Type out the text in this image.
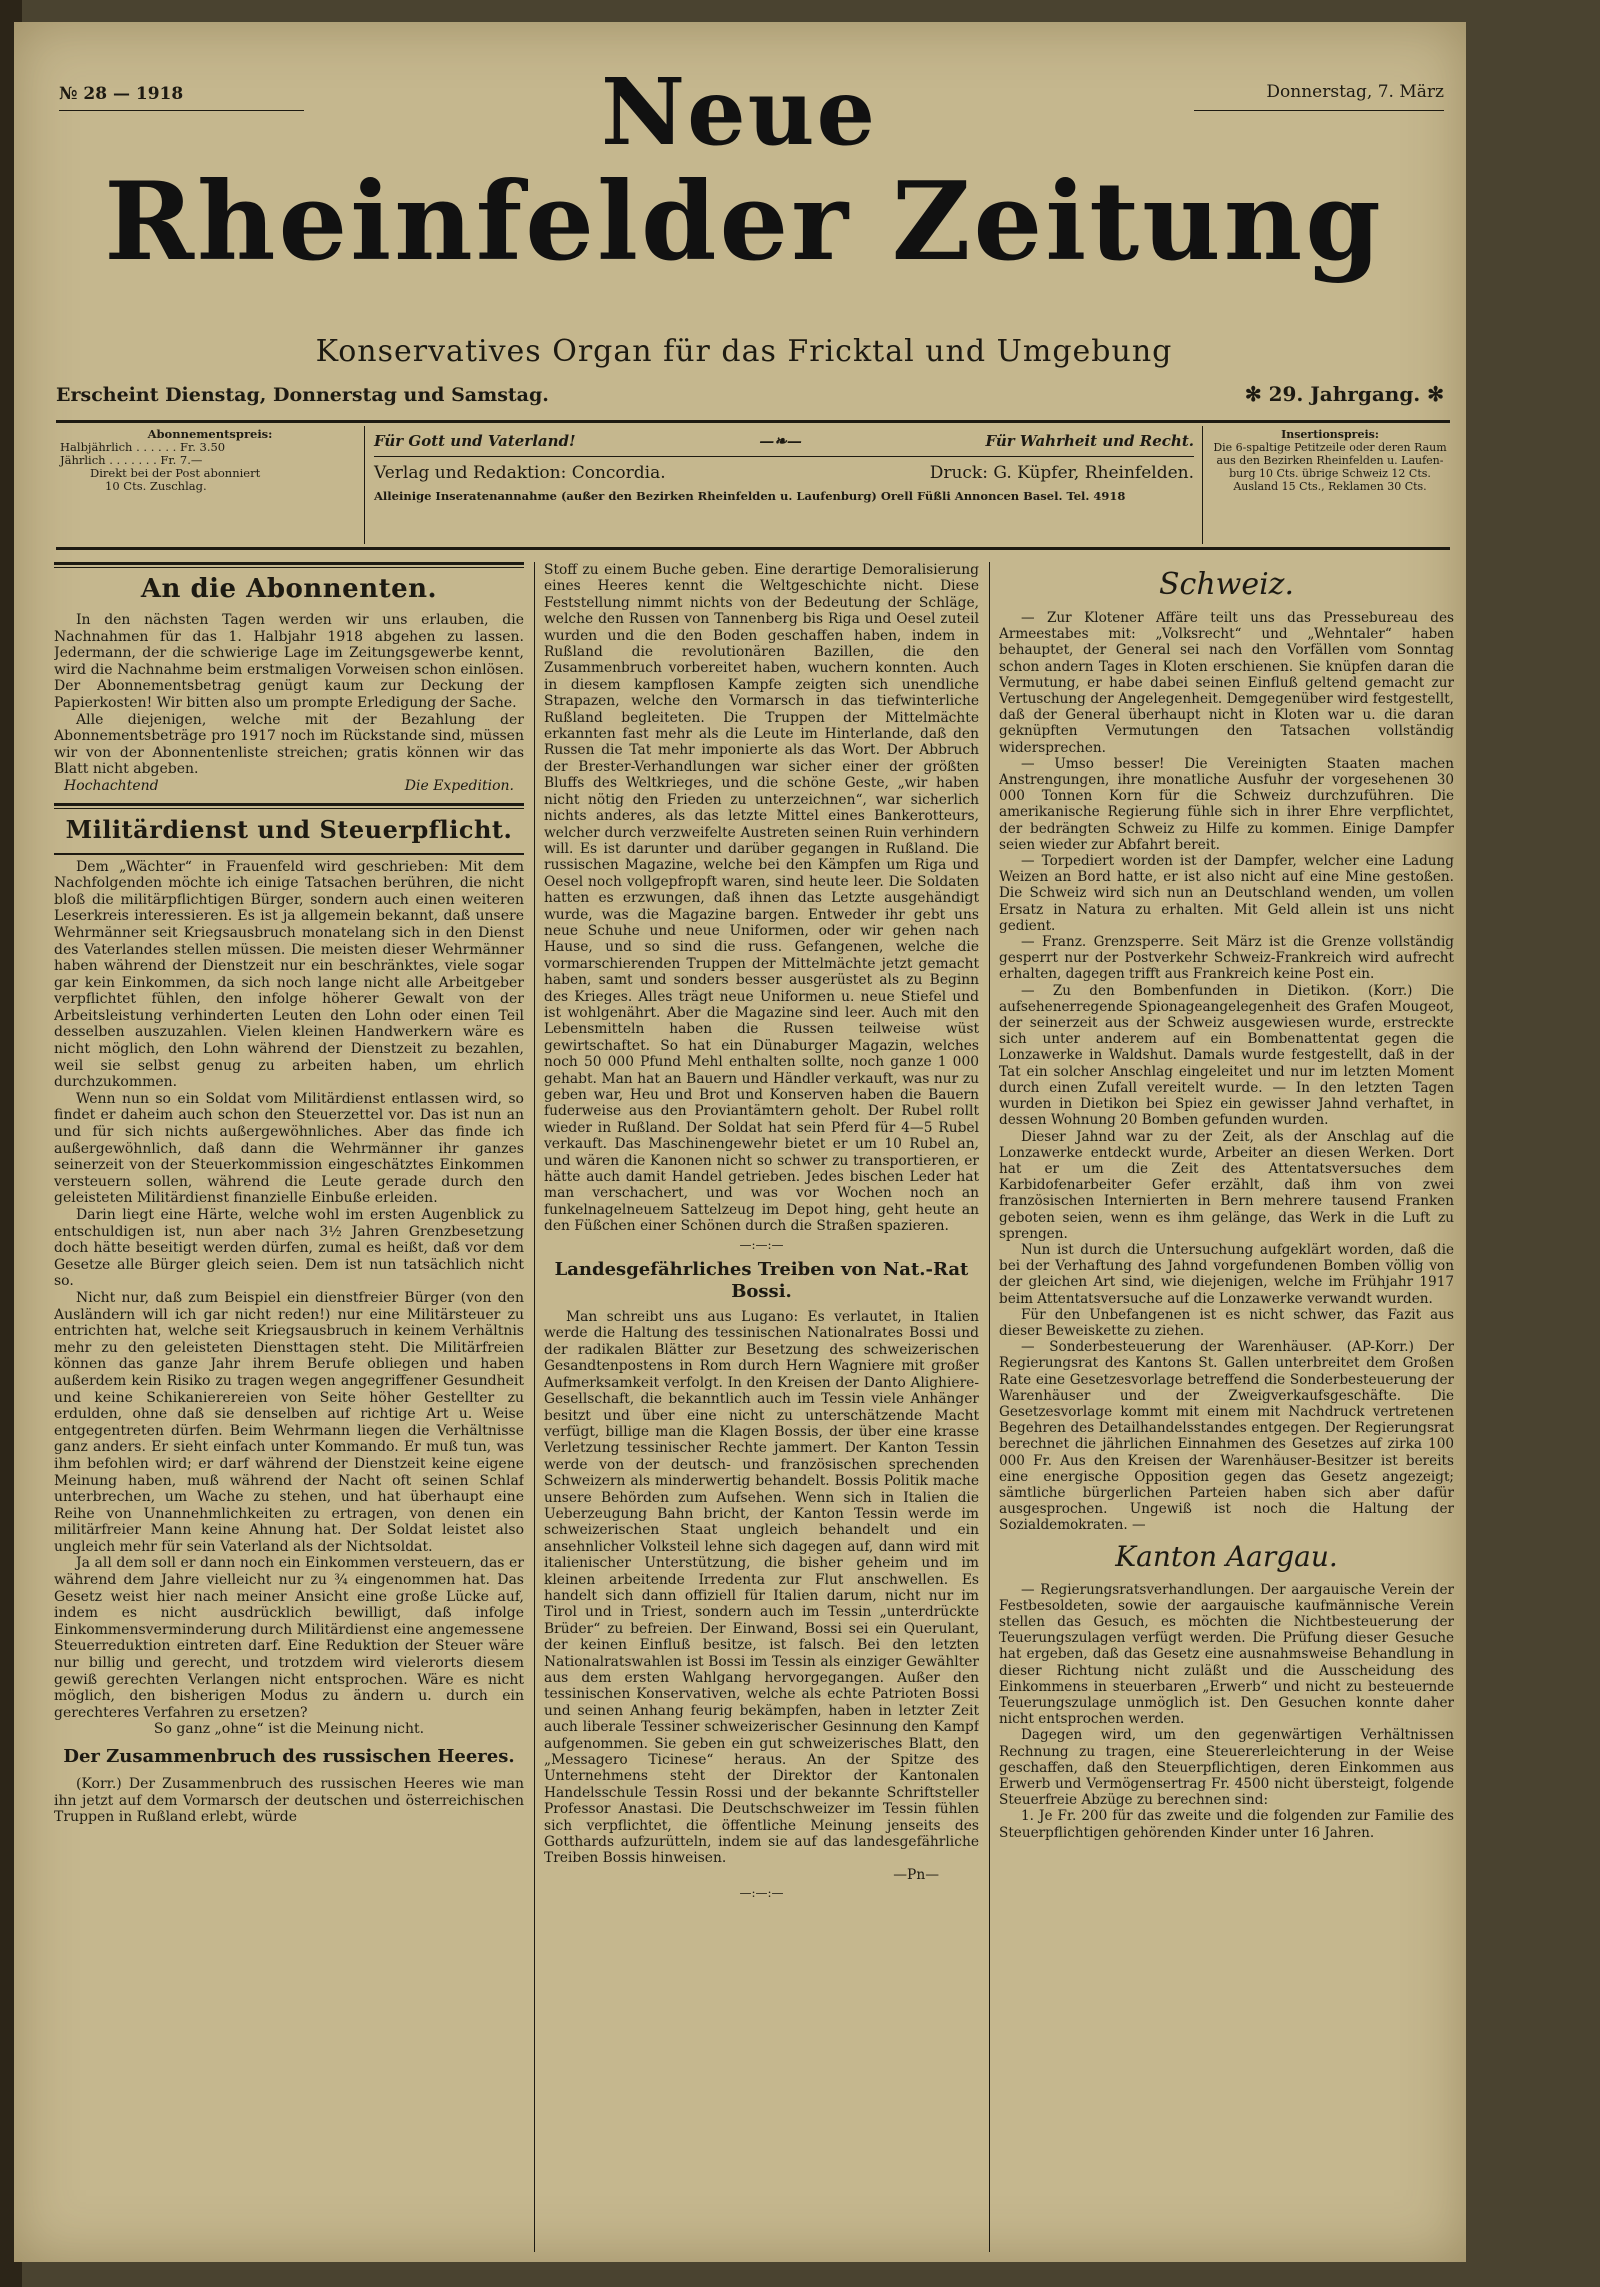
№ 28 — 1918	Donnerstag, 7. März
Neue
Rheinfelder Zeitung
Konservatives Organ für das Fricktal und Umgebung
Erscheint Dienstag, Donnerstag und Samstag.	✻ 29. Jahrgang. ✻
Abonnementspreis:
Halbjährlich . . . . . . Fr. 3.50
Jährlich . . . . . . . Fr. 7.—
Direkt bei der Post abonniert
10 Cts. Zuschlag.
Für Gott und Vaterland!	—❧—	Für Wahrheit und Recht.
Verlag und Redaktion: Concordia.	Druck: G. Küpfer, Rheinfelden.
Alleinige Inseratenannahme (außer den Bezirken Rheinfelden u. Laufenburg) Orell Füßli Annoncen Basel. Tel. 4918
Insertionspreis:
Die 6-spaltige Petitzeile oder deren Raum
aus den Bezirken Rheinfelden u. Laufen-
burg 10 Cts. übrige Schweiz 12 Cts.
Ausland 15 Cts., Reklamen 30 Cts.
An die Abonnenten.

In den nächsten Tagen werden wir uns erlauben, die Nachnahmen für das 1. Halbjahr 1918 abgehen zu lassen. Jedermann, der die schwierige Lage im Zeitungsgewerbe kennt, wird die Nachnahme beim erstmaligen Vorweisen schon einlösen. Der Abonnementsbetrag genügt kaum zur Deckung der Papierkosten! Wir bitten also um prompte Erledigung der Sache.

Alle diejenigen, welche mit der Bezahlung der Abonnementsbeträge pro 1917 noch im Rückstande sind, müssen wir von der Abonnentenliste streichen; gratis können wir das Blatt nicht abgeben.

Hochachtend	Die Expedition.
Militärdienst und Steuerpflicht.

Dem „Wächter“ in Frauenfeld wird geschrieben: Mit dem Nachfolgenden möchte ich einige Tatsachen berühren, die nicht bloß die militärpflichtigen Bürger, sondern auch einen weiteren Leserkreis interessieren. Es ist ja allgemein bekannt, daß unsere Wehrmänner seit Kriegsausbruch monatelang sich in den Dienst des Vaterlandes stellen müssen. Die meisten dieser Wehrmänner haben während der Dienstzeit nur ein beschränktes, viele sogar gar kein Einkommen, da sich noch lange nicht alle Arbeitgeber verpflichtet fühlen, den infolge höherer Gewalt von der Arbeitsleistung verhinderten Leuten den Lohn oder einen Teil desselben auszuzahlen. Vielen kleinen Handwerkern wäre es nicht möglich, den Lohn während der Dienstzeit zu bezahlen, weil sie selbst genug zu arbeiten haben, um ehrlich durchzukommen.

Wenn nun so ein Soldat vom Militärdienst entlassen wird, so findet er daheim auch schon den Steuerzettel vor. Das ist nun an und für sich nichts außergewöhnliches. Aber das finde ich außergewöhnlich, daß dann die Wehrmänner ihr ganzes seinerzeit von der Steuerkommission eingeschätztes Einkommen versteuern sollen, während die Leute gerade durch den geleisteten Militärdienst finanzielle Einbuße erleiden.

Darin liegt eine Härte, welche wohl im ersten Augenblick zu entschuldigen ist, nun aber nach 3½ Jahren Grenzbesetzung doch hätte beseitigt werden dürfen, zumal es heißt, daß vor dem Gesetze alle Bürger gleich seien. Dem ist nun tatsächlich nicht so.

Nicht nur, daß zum Beispiel ein dienstfreier Bürger (von den Ausländern will ich gar nicht reden!) nur eine Militärsteuer zu entrichten hat, welche seit Kriegsausbruch in keinem Verhältnis mehr zu den geleisteten Diensttagen steht. Die Militärfreien können das ganze Jahr ihrem Berufe obliegen und haben außerdem kein Risiko zu tragen wegen angegriffener Gesundheit und keine Schikanierereien von Seite höher Gestellter zu erdulden, ohne daß sie denselben auf richtige Art u. Weise entgegentreten dürfen. Beim Wehrmann liegen die Verhältnisse ganz anders. Er sieht einfach unter Kommando. Er muß tun, was ihm befohlen wird; er darf während der Dienstzeit keine eigene Meinung haben, muß während der Nacht oft seinen Schlaf unterbrechen, um Wache zu stehen, und hat überhaupt eine Reihe von Unannehmlichkeiten zu ertragen, von denen ein militärfreier Mann keine Ahnung hat. Der Soldat leistet also ungleich mehr für sein Vaterland als der Nichtsoldat.

Ja all dem soll er dann noch ein Einkommen versteuern, das er während dem Jahre vielleicht nur zu ¾ eingenommen hat. Das Gesetz weist hier nach meiner Ansicht eine große Lücke auf, indem es nicht ausdrücklich bewilligt, daß infolge Einkommensverminderung durch Militärdienst eine angemessene Steuerreduktion eintreten darf. Eine Reduktion der Steuer wäre nur billig und gerecht, und trotzdem wird vielerorts diesem gewiß gerechten Verlangen nicht entsprochen. Wäre es nicht möglich, den bisherigen Modus zu ändern u. durch ein gerechteres Verfahren zu ersetzen?

So ganz „ohne“ ist die Meinung nicht.

Der Zusammenbruch des russischen Heeres.

(Korr.) Der Zusammenbruch des russischen Heeres wie man ihn jetzt auf dem Vormarsch der deutschen und österreichischen Truppen in Rußland erlebt, würde

Stoff zu einem Buche geben. Eine derartige Demoralisierung eines Heeres kennt die Weltgeschichte nicht. Diese Feststellung nimmt nichts von der Bedeutung der Schläge, welche den Russen von Tannenberg bis Riga und Oesel zuteil wurden und die den Boden geschaffen haben, indem in Rußland die revolutionären Bazillen, die den Zusammenbruch vorbereitet haben, wuchern konnten. Auch in diesem kampflosen Kampfe zeigten sich unendliche Strapazen, welche den Vormarsch in das tiefwinterliche Rußland begleiteten. Die Truppen der Mittelmächte erkannten fast mehr als die Leute im Hinterlande, daß den Russen die Tat mehr imponierte als das Wort. Der Abbruch der Brester-Verhandlungen war sicher einer der größten Bluffs des Weltkrieges, und die schöne Geste, „wir haben nicht nötig den Frieden zu unterzeichnen“, war sicherlich nichts anderes, als das letzte Mittel eines Bankerotteurs, welcher durch verzweifelte Austreten seinen Ruin verhindern will. Es ist darunter und darüber gegangen in Rußland. Die russischen Magazine, welche bei den Kämpfen um Riga und Oesel noch vollgepfropft waren, sind heute leer. Die Soldaten hatten es erzwungen, daß ihnen das Letzte ausgehändigt wurde, was die Magazine bargen. Entweder ihr gebt uns neue Schuhe und neue Uniformen, oder wir gehen nach Hause, und so sind die russ. Gefangenen, welche die vormarschierenden Truppen der Mittelmächte jetzt gemacht haben, samt und sonders besser ausgerüstet als zu Beginn des Krieges. Alles trägt neue Uniformen u. neue Stiefel und ist wohlgenährt. Aber die Magazine sind leer. Auch mit den Lebensmitteln haben die Russen teilweise wüst gewirtschaftet. So hat ein Dünaburger Magazin, welches noch 50 000 Pfund Mehl enthalten sollte, noch ganze 1 000 gehabt. Man hat an Bauern und Händler verkauft, was nur zu geben war, Heu und Brot und Konserven haben die Bauern fuderweise aus den Proviantämtern geholt. Der Rubel rollt wieder in Rußland. Der Soldat hat sein Pferd für 4—5 Rubel verkauft. Das Maschinengewehr bietet er um 10 Rubel an, und wären die Kanonen nicht so schwer zu transportieren, er hätte auch damit Handel getrieben. Jedes bischen Leder hat man verschachert, und was vor Wochen noch an funkelnagelneuem Sattelzeug im Depot hing, geht heute an den Füßchen einer Schönen durch die Straßen spazieren.

—:—:—
Landesgefährliches Treiben von Nat.-Rat Bossi.

Man schreibt uns aus Lugano: Es verlautet, in Italien werde die Haltung des tessinischen Nationalrates Bossi und der radikalen Blätter zur Besetzung des schweizerischen Gesandtenpostens in Rom durch Hern Wagniere mit großer Aufmerksamkeit verfolgt. In den Kreisen der Danto Alighiere-Gesellschaft, die bekanntlich auch im Tessin viele Anhänger besitzt und über eine nicht zu unterschätzende Macht verfügt, billige man die Klagen Bossis, der über eine krasse Verletzung tessinischer Rechte jammert. Der Kanton Tessin werde von der deutsch- und französischen sprechenden Schweizern als minderwertig behandelt. Bossis Politik mache unsere Behörden zum Aufsehen. Wenn sich in Italien die Ueberzeugung Bahn bricht, der Kanton Tessin werde im schweizerischen Staat ungleich behandelt und ein ansehnlicher Volksteil lehne sich dagegen auf, dann wird mit italienischer Unterstützung, die bisher geheim und im kleinen arbeitende Irredenta zur Flut anschwellen. Es handelt sich dann offiziell für Italien darum, nicht nur im Tirol und in Triest, sondern auch im Tessin „unterdrückte Brüder“ zu befreien. Der Einwand, Bossi sei ein Querulant, der keinen Einfluß besitze, ist falsch. Bei den letzten Nationalratswahlen ist Bossi im Tessin als einziger Gewählter aus dem ersten Wahlgang hervorgegangen. Außer den tessinischen Konservativen, welche als echte Patrioten Bossi und seinen Anhang feurig bekämpfen, haben in letzter Zeit auch liberale Tessiner schweizerischer Gesinnung den Kampf aufgenommen. Sie geben ein gut schweizerisches Blatt, den „Messagero Ticinese“ heraus. An der Spitze des Unternehmens steht der Direktor der Kantonalen Handelsschule Tessin Rossi und der bekannte Schriftsteller Professor Anastasi. Die Deutschschweizer im Tessin fühlen sich verpflichtet, die öffentliche Meinung jenseits des Gotthards aufzurütteln, indem sie auf das landesgefährliche Treiben Bossis hinweisen.

—Pn—
—:—:—
Schweiz.

— Zur Klotener Affäre teilt uns das Pressebureau des Armeestabes mit: „Volksrecht“ und „Wehntaler“ haben behauptet, der General sei nach den Vorfällen vom Sonntag schon andern Tages in Kloten erschienen. Sie knüpfen daran die Vermutung, er habe dabei seinen Einfluß geltend gemacht zur Vertuschung der Angelegenheit. Demgegenüber wird festgestellt, daß der General überhaupt nicht in Kloten war u. die daran geknüpften Vermutungen den Tatsachen vollständig widersprechen.

— Umso besser! Die Vereinigten Staaten machen Anstrengungen, ihre monatliche Ausfuhr der vorgesehenen 30 000 Tonnen Korn für die Schweiz durchzuführen. Die amerikanische Regierung fühle sich in ihrer Ehre verpflichtet, der bedrängten Schweiz zu Hilfe zu kommen. Einige Dampfer seien wieder zur Abfahrt bereit.

— Torpediert worden ist der Dampfer, welcher eine Ladung Weizen an Bord hatte, er ist also nicht auf eine Mine gestoßen. Die Schweiz wird sich nun an Deutschland wenden, um vollen Ersatz in Natura zu erhalten. Mit Geld allein ist uns nicht gedient.

— Franz. Grenzsperre. Seit März ist die Grenze vollständig gesperrt nur der Postverkehr Schweiz-Frankreich wird aufrecht erhalten, dagegen trifft aus Frankreich keine Post ein.

— Zu den Bombenfunden in Dietikon. (Korr.) Die aufsehenerregende Spionageangelegenheit des Grafen Mougeot, der seinerzeit aus der Schweiz ausgewiesen wurde, erstreckte sich unter anderem auf ein Bombenattentat gegen die Lonzawerke in Waldshut. Damals wurde festgestellt, daß in der Tat ein solcher Anschlag eingeleitet und nur im letzten Moment durch einen Zufall vereitelt wurde. — In den letzten Tagen wurden in Dietikon bei Spiez ein gewisser Jahnd verhaftet, in dessen Wohnung 20 Bomben gefunden wurden.

Dieser Jahnd war zu der Zeit, als der Anschlag auf die Lonzawerke entdeckt wurde, Arbeiter an diesen Werken. Dort hat er um die Zeit des Attentatsversuches dem Karbidofenarbeiter Gefer erzählt, daß ihm von zwei französischen Internierten in Bern mehrere tausend Franken geboten seien, wenn es ihm gelänge, das Werk in die Luft zu sprengen.

Nun ist durch die Untersuchung aufgeklärt worden, daß die bei der Verhaftung des Jahnd vorgefundenen Bomben völlig von der gleichen Art sind, wie diejenigen, welche im Frühjahr 1917 beim Attentatsversuche auf die Lonzawerke verwandt wurden.

Für den Unbefangenen ist es nicht schwer, das Fazit aus dieser Beweiskette zu ziehen.

— Sonderbesteuerung der Warenhäuser. (AP-Korr.) Der Regierungsrat des Kantons St. Gallen unterbreitet dem Großen Rate eine Gesetzesvorlage betreffend die Sonderbesteuerung der Warenhäuser und der Zweigverkaufsgeschäfte. Die Gesetzesvorlage kommt mit einem mit Nachdruck vertretenen Begehren des Detailhandelsstandes entgegen. Der Regierungsrat berechnet die jährlichen Einnahmen des Gesetzes auf zirka 100 000 Fr. Aus den Kreisen der Warenhäuser-Besitzer ist bereits eine energische Opposition gegen das Gesetz angezeigt; sämtliche bürgerlichen Parteien haben sich aber dafür ausgesprochen. Ungewiß ist noch die Haltung der Sozialdemokraten. —

Kanton Aargau.

— Regierungsratsverhandlungen. Der aargauische Verein der Festbesoldeten, sowie der aargauische kaufmännische Verein stellen das Gesuch, es möchten die Nichtbesteuerung der Teuerungszulagen verfügt werden. Die Prüfung dieser Gesuche hat ergeben, daß das Gesetz eine ausnahmsweise Behandlung in dieser Richtung nicht zuläßt und die Ausscheidung des Einkommens in steuerbaren „Erwerb“ und nicht zu besteuernde Teuerungszulage unmöglich ist. Den Gesuchen konnte daher nicht entsprochen werden.

Dagegen wird, um den gegenwärtigen Verhältnissen Rechnung zu tragen, eine Steuererleichterung in der Weise geschaffen, daß den Steuerpflichtigen, deren Einkommen aus Erwerb und Vermögensertrag Fr. 4500 nicht übersteigt, folgende Steuerfreie Abzüge zu berechnen sind:

1. Je Fr. 200 für das zweite und die folgenden zur Familie des Steuerpflichtigen gehörenden Kinder unter 16 Jahren.
